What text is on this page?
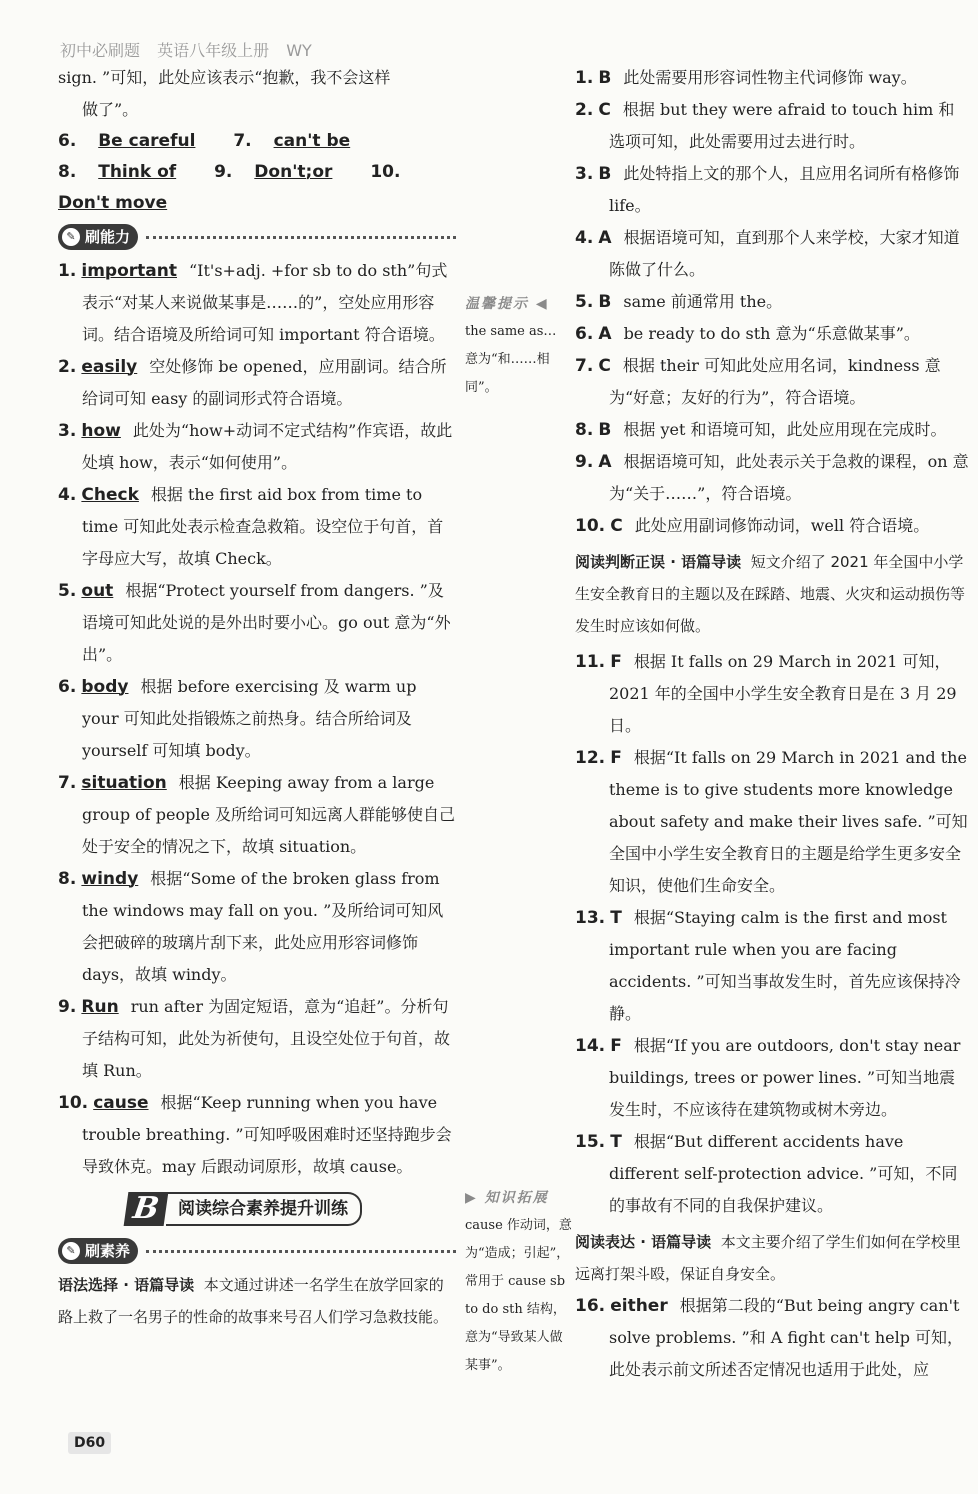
初中必刷题 英语八年级上册 WY

sign. ”可知，此处应该表示“抱歉，我不会这样

做了”。

6. Be careful 7. can't be

8. Think of 9. Don't;or 10. Don't move

✎ 刷能力

1. important “It's+adj. +for sb to do sth”句式表示“对某人来说做某事是……的”，空处应用形容词。结合语境及所给词可知 important 符合语境。

2. easily 空处修饰 be opened，应用副词。结合所给词可知 easy 的副词形式符合语境。

3. how 此处为“how+动词不定式结构”作宾语，故此处填 how，表示“如何使用”。

4. Check 根据 the first aid box from time to time 可知此处表示检查急救箱。设空位于句首，首字母应大写，故填 Check。

5. out 根据“Protect yourself from dangers. ”及语境可知此处说的是外出时要小心。go out 意为“外出”。

6. body 根据 before exercising 及 warm up your 可知此处指锻炼之前热身。结合所给词及 yourself 可知填 body。

7. situation 根据 Keeping away from a large group of people 及所给词可知远离人群能够使自己处于安全的情况之下，故填 situation。

8. windy 根据“Some of the broken glass from the windows may fall on you. ”及所给词可知风会把破碎的玻璃片刮下来，此处应用形容词修饰 days，故填 windy。

9. Run run after 为固定短语，意为“追赶”。分析句子结构可知，此处为祈使句，且设空处位于句首，故填 Run。

10. cause 根据“Keep running when you have trouble breathing. ”可知呼吸困难时还坚持跑步会导致休克。may 后跟动词原形，故填 cause。

B 阅读综合素养提升训练
✎ 刷素养

语法选择 · 语篇导读 本文通过讲述一名学生在放学回家的路上救了一名男子的性命的故事来号召人们学习急救技能。

温馨提示 ◀
the same as… 意为“和……相同”。
▶ 知识拓展
cause 作动词，意为“造成；引起”，常用于 cause sb to do sth 结构，意为“导致某人做某事”。

1. B 此处需要用形容词性物主代词修饰 way。

2. C 根据 but they were afraid to touch him 和选项可知，此处需要用过去进行时。

3. B 此处特指上文的那个人，且应用名词所有格修饰 life。

4. A 根据语境可知，直到那个人来学校，大家才知道陈做了什么。

5. B same 前通常用 the。

6. A be ready to do sth 意为“乐意做某事”。

7. C 根据 their 可知此处应用名词，kindness 意为“好意；友好的行为”，符合语境。

8. B 根据 yet 和语境可知，此处应用现在完成时。

9. A 根据语境可知，此处表示关于急救的课程，on 意为“关于……”，符合语境。

10. C 此处应用副词修饰动词，well 符合语境。

阅读判断正误 · 语篇导读 短文介绍了 2021 年全国中小学生安全教育日的主题以及在踩踏、地震、火灾和运动损伤等发生时应该如何做。

11. F 根据 It falls on 29 March in 2021 可知，2021 年的全国中小学生安全教育日是在 3 月 29 日。

12. F 根据“It falls on 29 March in 2021 and the theme is to give students more knowledge about safety and make their lives safe. ”可知全国中小学生安全教育日的主题是给学生更多安全知识，使他们生命安全。

13. T 根据“Staying calm is the first and most important rule when you are facing accidents. ”可知当事故发生时，首先应该保持冷静。

14. F 根据“If you are outdoors, don't stay near buildings, trees or power lines. ”可知当地震发生时，不应该待在建筑物或树木旁边。

15. T 根据“But different accidents have different self-protection advice. ”可知，不同的事故有不同的自我保护建议。

阅读表达 · 语篇导读 本文主要介绍了学生们如何在学校里远离打架斗殴，保证自身安全。

16. either 根据第二段的“But being angry can't solve problems. ”和 A fight can't help 可知，此处表示前文所述否定情况也适用于此处，应

D60
